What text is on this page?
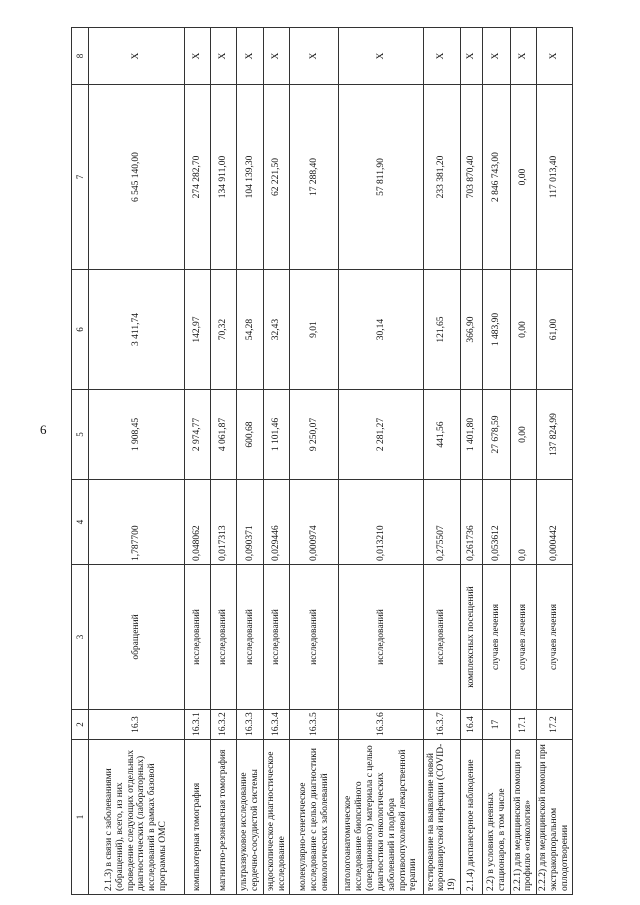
6
1	2	3	4	5	6	7	8
2.1.3) в связи с заболеваниями (обращений), всего, из них проведение следующих отдельных диагностических (лабораторных) исследований в рамках базовой программы ОМС	16.3	обращений	1,787700	1 908,45	3 411,74	6 545 140,00	Х
компьютерная томография	16.3.1	исследований	0,048062	2 974,77	142,97	274 282,70	Х
магнитно-резонансная томография	16.3.2	исследований	0,017313	4 061,87	70,32	134 911,00	Х
ультразвуковое исследование сердечно-сосудистой системы	16.3.3	исследований	0,090371	600,68	54,28	104 139,30	Х
эндоскопическое диагностическое исследование	16.3.4	исследований	0,029446	1 101,46	32,43	62 221,50	Х
молекулярно-генетическое исследование с целью диагностики онкологических заболеваний	16.3.5	исследований	0,000974	9 250,07	9,01	17 288,40	Х
патологоанатомическое исследование биопсийного (операционного) материала с целью диагностики онкологических заболеваний и подбора противоопухолевой лекарственной терапии	16.3.6	исследований	0,013210	2 281,27	30,14	57 811,90	Х
тестирование на выявление новой коронавирусной инфекции (COVID-19)	16.3.7	исследований	0,275507	441,56	121,65	233 381,20	Х
2.1.4) диспансерное наблюдение	16.4	комплексных посещений	0,261736	1 401,80	366,90	703 870,40	Х
2.2) в условиях дневных стационаров, в том числе	17	случаев лечения	0,053612	27 678,59	1 483,90	2 846 743,00	Х
2.2.1) для медицинской помощи по профилю «онкология»	17.1	случаев лечения	0,0	0,00	0,00	0,00	Х
2.2.2) для медицинской помощи при экстракорпоральном оплодотворении	17.2	случаев лечения	0,000442	137 824,99	61,00	117 013,40	Х
